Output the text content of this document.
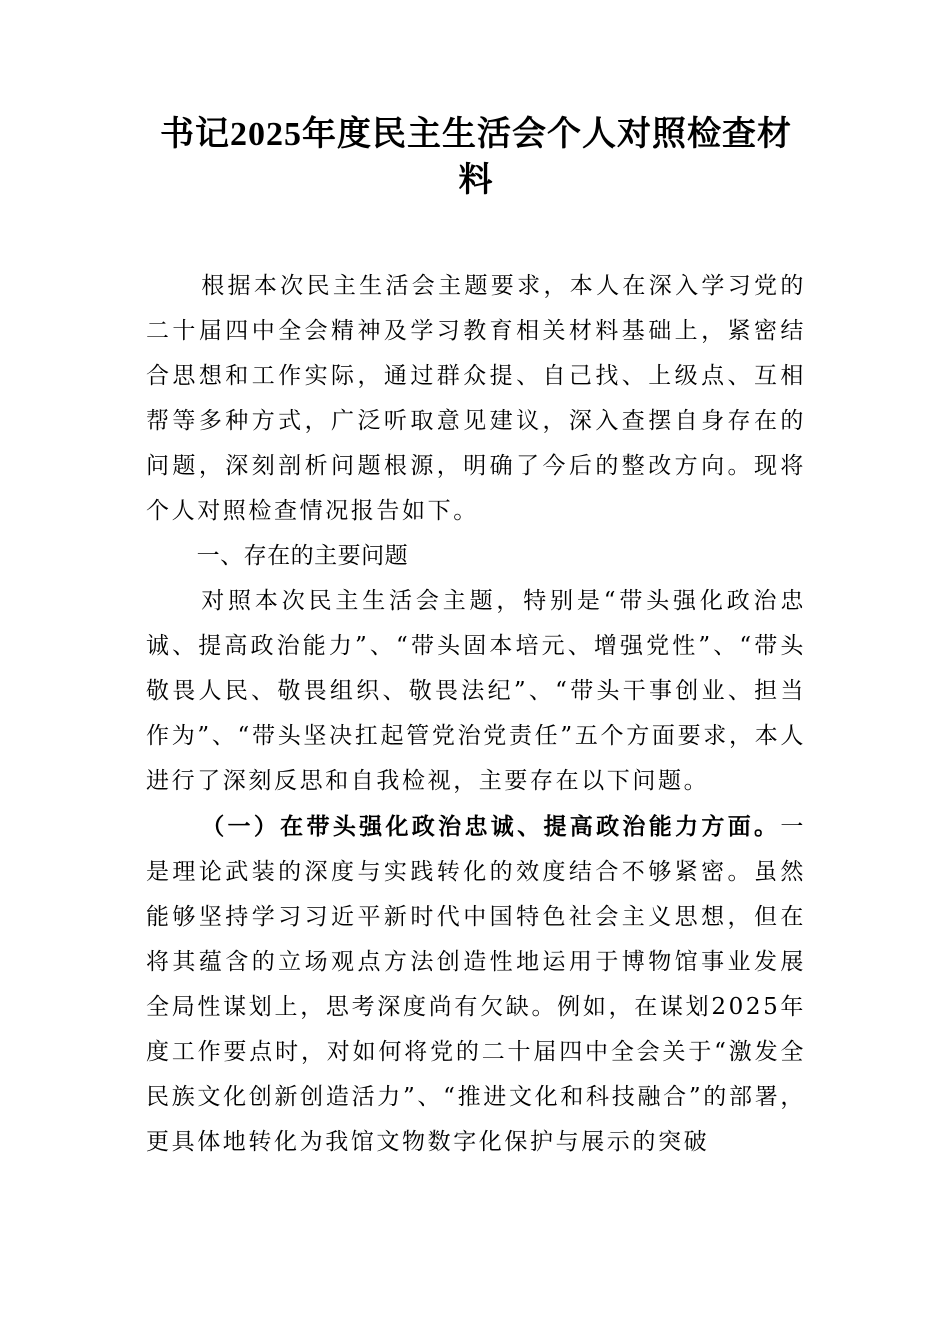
书记2025年度民主生活会个人对照检查材料

根据本次民主生活会主题要求，本人在深入学习党的二十届四中全会精神及学习教育相关材料基础上，紧密结合思想和工作实际，通过群众提、自己找、上级点、互相帮等多种方式，广泛听取意见建议，深入查摆自身存在的问题，深刻剖析问题根源，明确了今后的整改方向。现将个人对照检查情况报告如下。

一、存在的主要问题

对照本次民主生活会主题，特别是“带头强化政治忠诚、提高政治能力”、“带头固本培元、增强党性”、“带头敬畏人民、敬畏组织、敬畏法纪”、“带头干事创业、担当作为”、“带头坚决扛起管党治党责任”五个方面要求，本人进行了深刻反思和自我检视，主要存在以下问题。

（一）在带头强化政治忠诚、提高政治能力方面。一是理论武装的深度与实践转化的效度结合不够紧密。虽然能够坚持学习习近平新时代中国特色社会主义思想，但在将其蕴含的立场观点方法创造性地运用于博物馆事业发展全局性谋划上，思考深度尚有欠缺。例如，在谋划2025年度工作要点时，对如何将党的二十届四中全会关于“激发全民族文化创新创造活力”、“推进文化和科技融合”的部署，更具体地转化为我馆文物数字化保护与展示的突破
